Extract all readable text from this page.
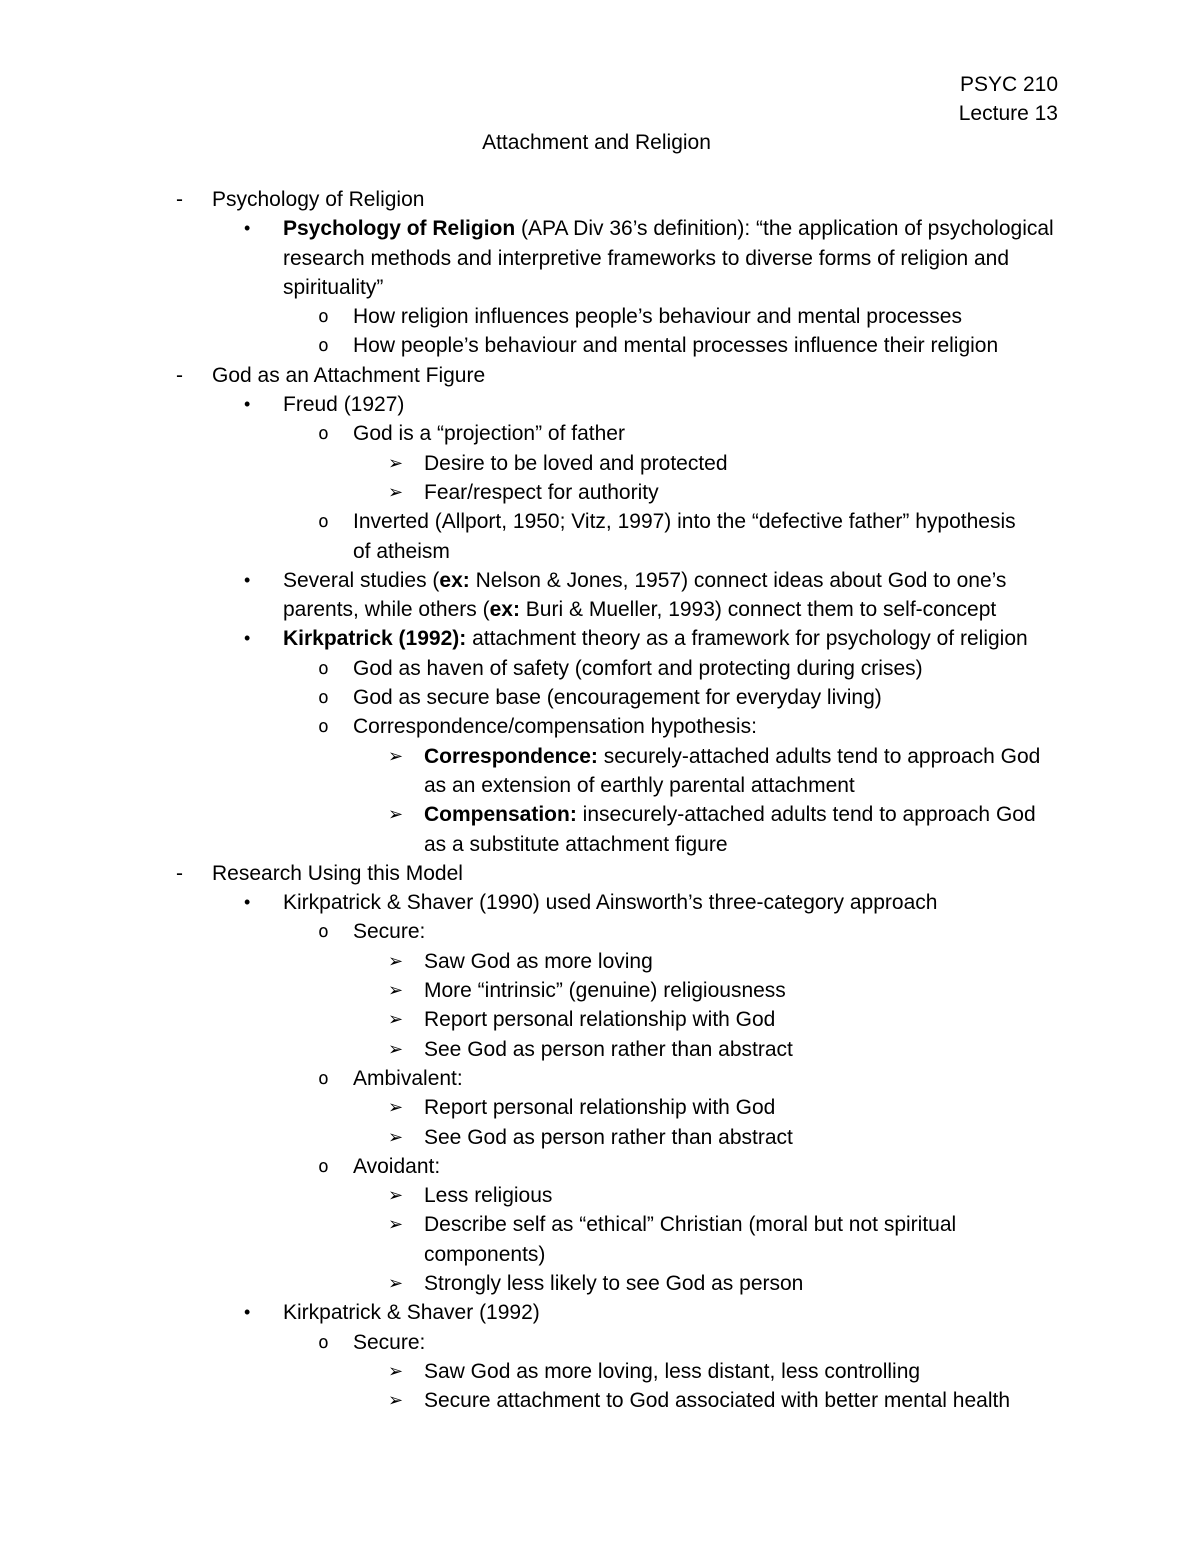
PSYC 210
Lecture 13
Attachment and Religion
-	Psychology of Religion
•	Psychology of Religion (APA Div 36’s definition): “the application of psychological
research methods and interpretive frameworks to diverse forms of religion and
spirituality”
o	How religion influences people’s behaviour and mental processes
o	How people’s behaviour and mental processes influence their religion
-	God as an Attachment Figure
•	Freud (1927)
o	God is a “projection” of father
➢ Desire to be loved and protected
➢ Fear/respect for authority
o	Inverted (Allport, 1950; Vitz, 1997) into the “defective father” hypothesis
of atheism
•	Several studies (ex: Nelson & Jones, 1957) connect ideas about God to one’s
parents, while others (ex: Buri & Mueller, 1993) connect them to self-concept
•	Kirkpatrick (1992): attachment theory as a framework for psychology of religion
o	God as haven of safety (comfort and protecting during crises)
o	God as secure base (encouragement for everyday living)
o	Correspondence/compensation hypothesis:
➢ Correspondence: securely-attached adults tend to approach God
as an extension of earthly parental attachment
➢ Compensation: insecurely-attached adults tend to approach God
as a substitute attachment figure
-	Research Using this Model
•	Kirkpatrick & Shaver (1990) used Ainsworth’s three-category approach
o	Secure:
➢ Saw God as more loving
➢ More “intrinsic” (genuine) religiousness
➢ Report personal relationship with God
➢ See God as person rather than abstract
o	Ambivalent:
➢ Report personal relationship with God
➢ See God as person rather than abstract
o	Avoidant:
➢ Less religious
➢ Describe self as “ethical” Christian (moral but not spiritual
components)
➢ Strongly less likely to see God as person
•	Kirkpatrick & Shaver (1992)
o	Secure:
➢ Saw God as more loving, less distant, less controlling
➢ Secure attachment to God associated with better mental health
